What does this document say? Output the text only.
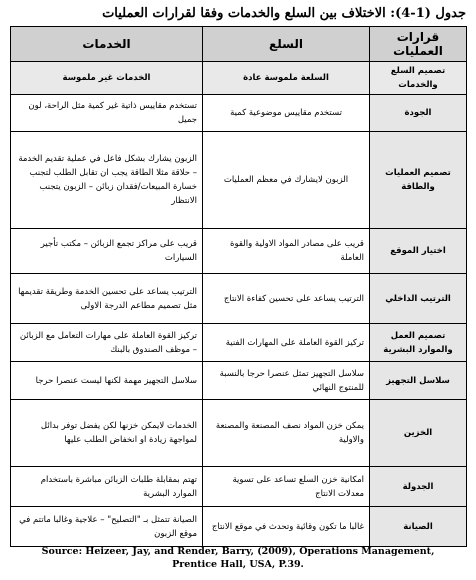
جدول (1-4): الاختلاف بين السلع والخدمات وفقا لقرارات العمليات
قرارات العمليات	السلع	الخدمات
تصميم السلع والخدمات	السلعة ملموسة عادة	الخدمات غير ملموسة
الجودة	تستخدم مقاييس موضوعية كمية	تستخدم مقاييس ذاتية غير كمية مثل الراحة، لون جميل
تصميم العمليات والطاقة	الزبون لايشارك في معظم العمليات	الزبون يشارك بشكل فاعل في عملية تقديم الخدمة – حلاقة مثلا الطاقة يجب ان تقابل الطلب لتجنب خسارة المبيعات/فقدان زبائن – الزبون يتجنب الانتظار
اختيار الموقع	قريب على مصادر المواد الاولية والقوة العاملة	قريب على مراكز تجمع الزبائن – مكتب تأجير السيارات
الترتيب الداخلي	الترتيب يساعد على تحسين كفاءة الانتاج	الترتيب يساعد على تحسين الخدمة وطريقة تقديمها مثل تصميم مطاعم الدرجة الاولى
تصميم العمل والموارد البشرية	تركيز القوة العاملة على المهارات الفنية	تركيز القوة العاملة على مهارات التعامل مع الزبائن – موظف الصندوق بالبنك
سلاسل التجهيز	سلاسل التجهيز تمثل عنصرا حرجا بالنسبة للمنتوج النهائي	سلاسل التجهيز مهمة لكنها ليست عنصرا حرجا
الخزين	يمكن خزن المواد نصف المصنعة والمصنعة والاولية	الخدمات لايمكن خزنها لكن يفضل توفر بدائل لمواجهة زيادة او انخفاض الطلب عليها
الجدولة	امكانية خزن السلع تساعد على تسوية معدلات الانتاج	تهتم بمقابلة طلبات الزبائن مباشرة باستخدام الموارد البشرية
الصيانة	غالبا ما تكون وقائية وتحدث في موقع الانتاج	الصيانة تتمثل بـ "التصليح" – علاجية وغالبا ماتتم في موقع الزبون
Source: Heizeer, Jay, and Render, Barry, (2009), Operations Management,
Prentice Hall, USA, P.39.
